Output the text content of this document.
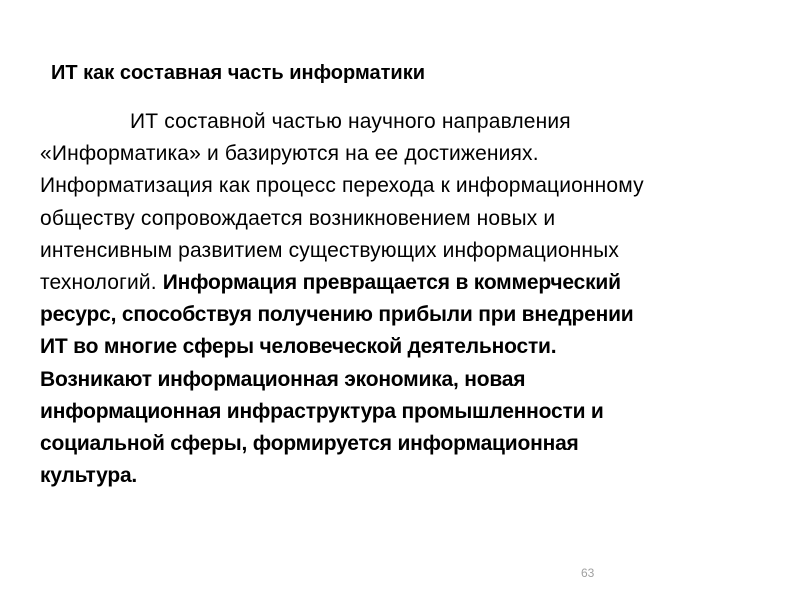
ИТ как составная часть информатики
ИТ составной частью научного направления
«Информатика» и базируются на ее достижениях.
Информатизация как процесс перехода к информационному
обществу сопровождается возникновением новых и
интенсивным развитием существующих информационных
технологий. Информация превращается в коммерческий
ресурс, способствуя получению прибыли при внедрении
ИТ во многие сферы человеческой деятельности.
Возникают информационная экономика, новая
информационная инфраструктура промышленности и
социальной сферы, формируется информационная
культура.
63
